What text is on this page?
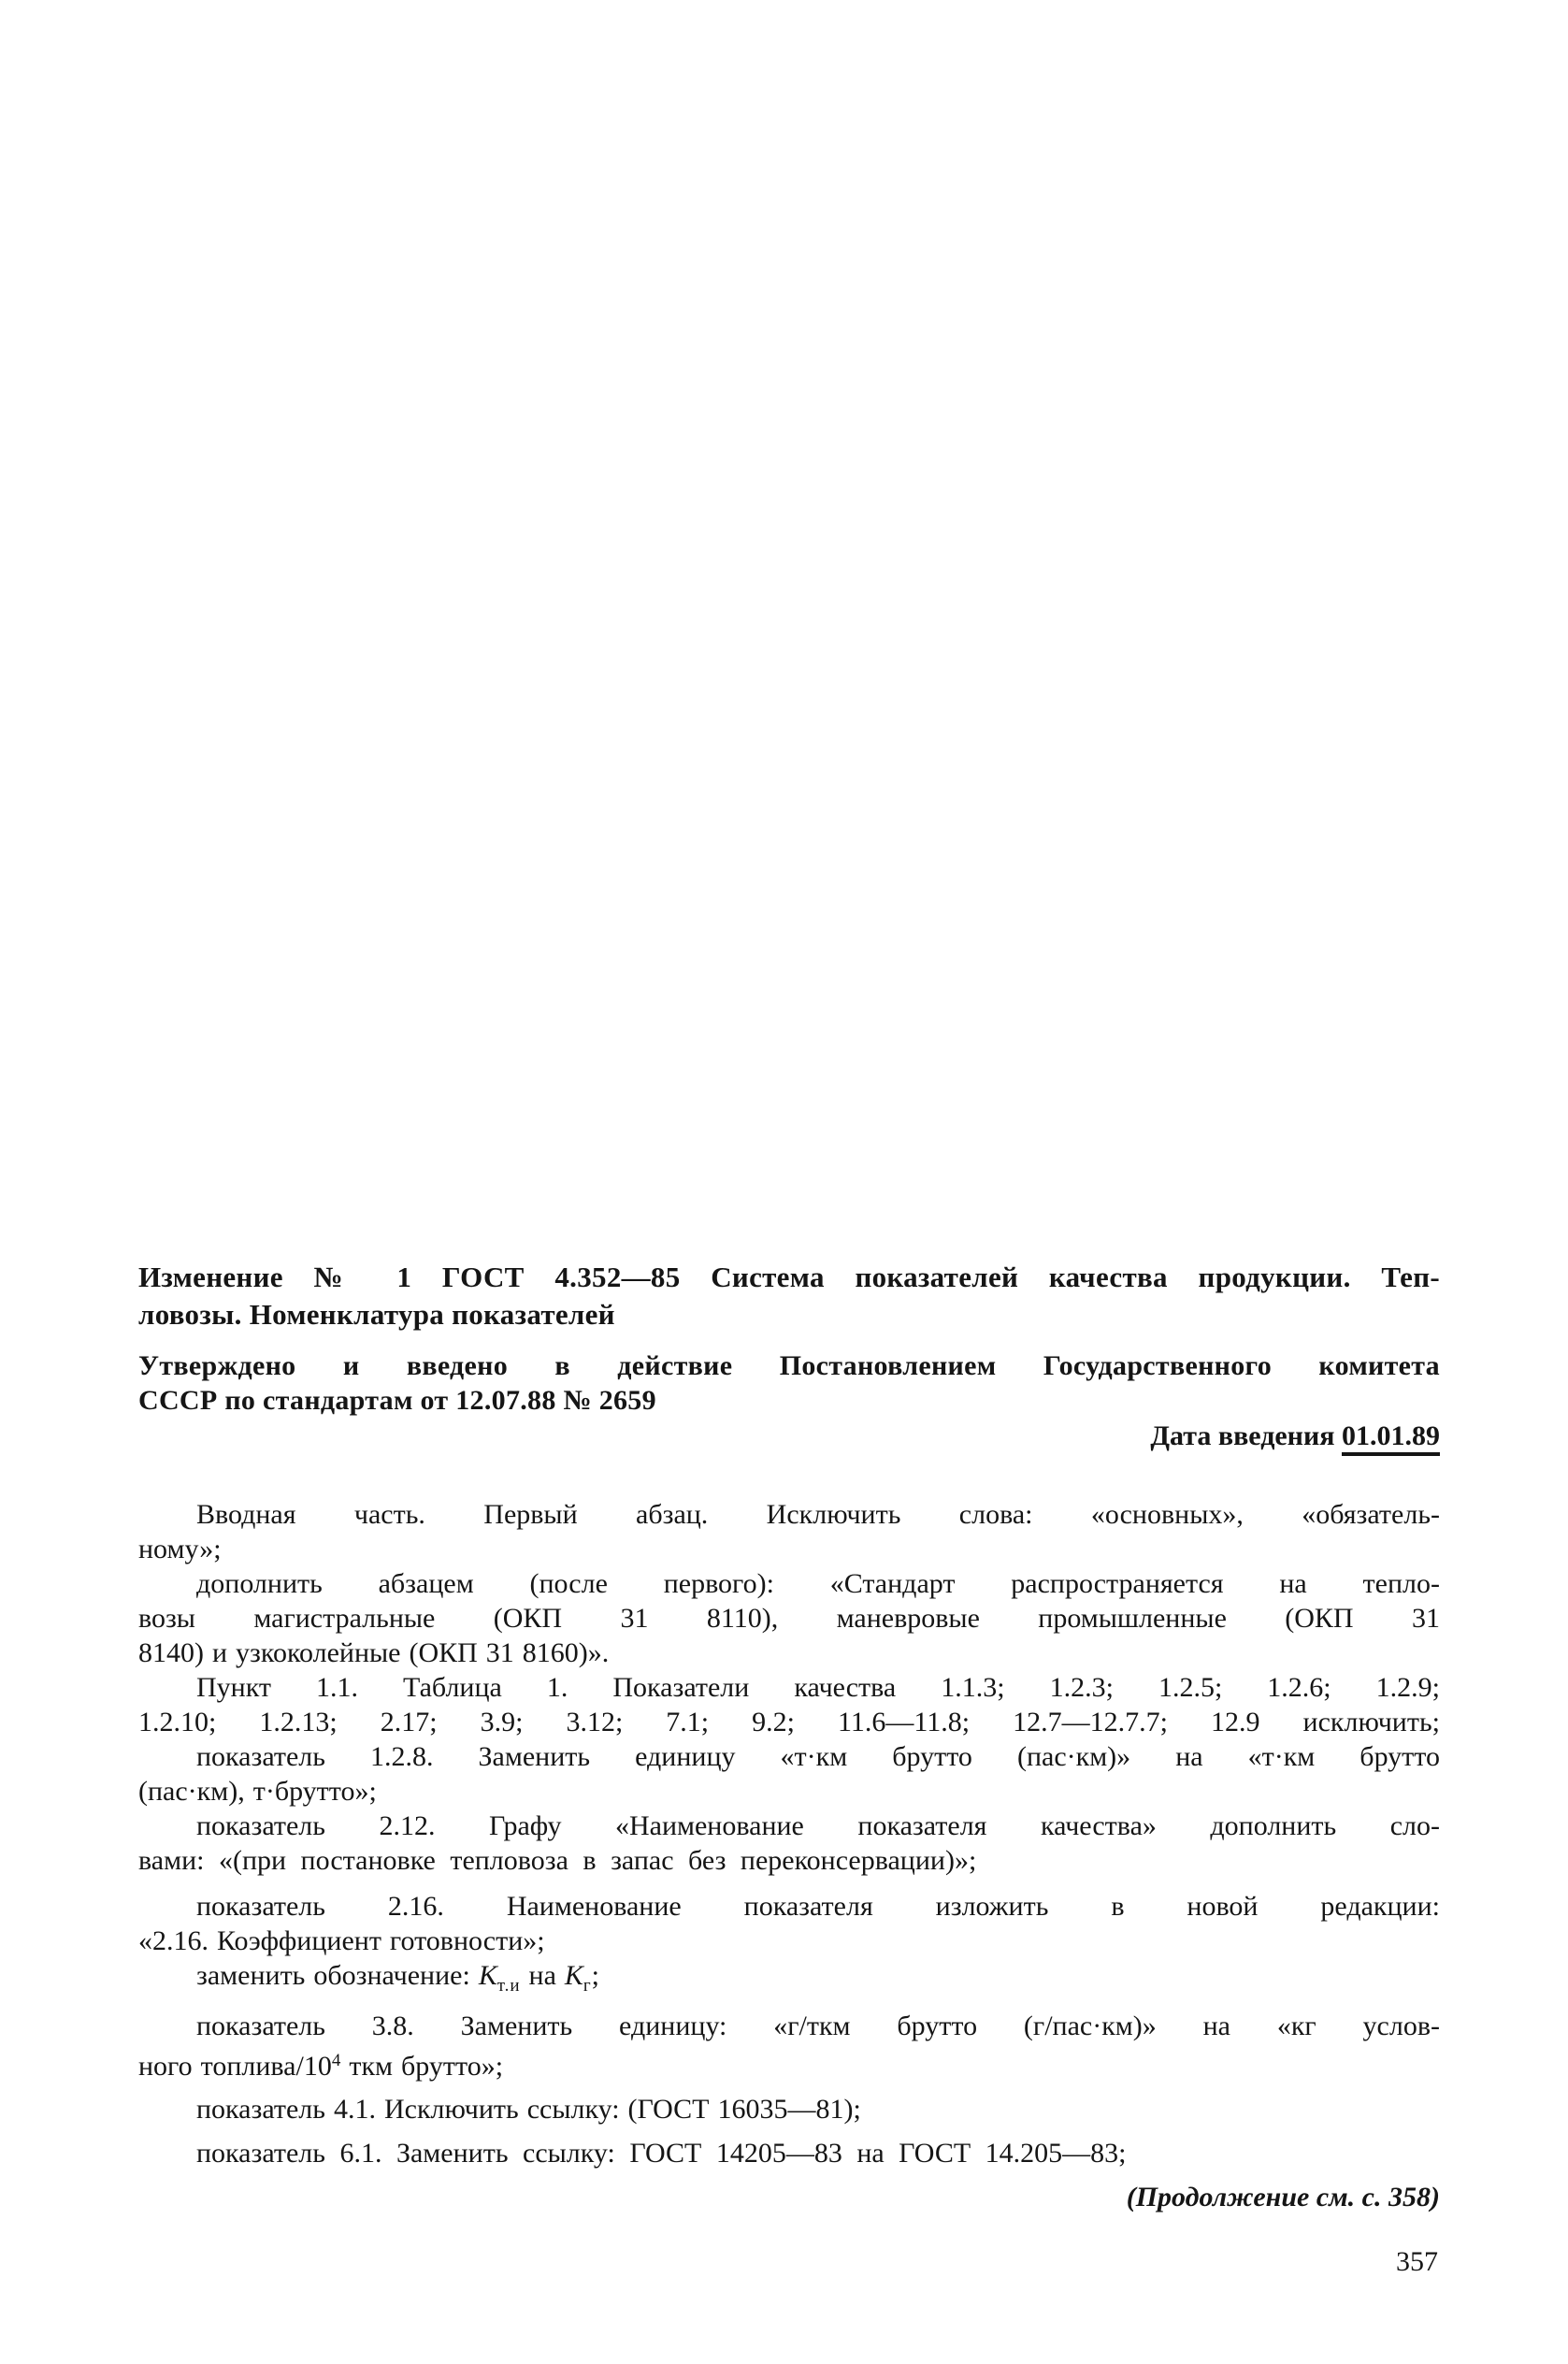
Изменение № 1 ГОСТ 4.352—85 Система показателей качества продукции. Теп-
ловозы. Номенклатура показателей
Утверждено и введено в действие Постановлением Государственного комитета
СССР по стандартам от 12.07.88 № 2659
Дата введения 01.01.89
Вводная часть. Первый абзац. Исключить слова: «основных», «обязатель-
ному»;
дополнить абзацем (после первого): «Стандарт распространяется на тепло-
возы магистральные (ОКП 31 8110), маневровые промышленные (ОКП 31
8140) и узкоколейные (ОКП 31 8160)».
Пункт 1.1. Таблица 1. Показатели качества 1.1.3; 1.2.3; 1.2.5; 1.2.6; 1.2.9;
1.2.10; 1.2.13; 2.17; 3.9; 3.12; 7.1; 9.2; 11.6—11.8; 12.7—12.7.7; 12.9 исключить;
показатель 1.2.8. Заменить единицу «т·км брутто (пас·км)» на «т·км брутто
(пас·км), т·брутто»;
показатель 2.12. Графу «Наименование показателя качества» дополнить сло-
вами: «(при постановке тепловоза в запас без переконсервации)»;
показатель 2.16. Наименование показателя изложить в новой редакции:
«2.16. Коэффициент готовности»;
заменить обозначение: $К_{т.и}$ на $К_г$;
показатель 3.8. Заменить единицу: «г/ткм брутто (г/пас·км)» на «кг услов-
ного топлива/$10^4$ ткм брутто»;
показатель 4.1. Исключить ссылку: (ГОСТ 16035—81);
показатель 6.1. Заменить ссылку: ГОСТ 14205—83 на ГОСТ 14.205—83;
(Продолжение см. с. 358)
357
